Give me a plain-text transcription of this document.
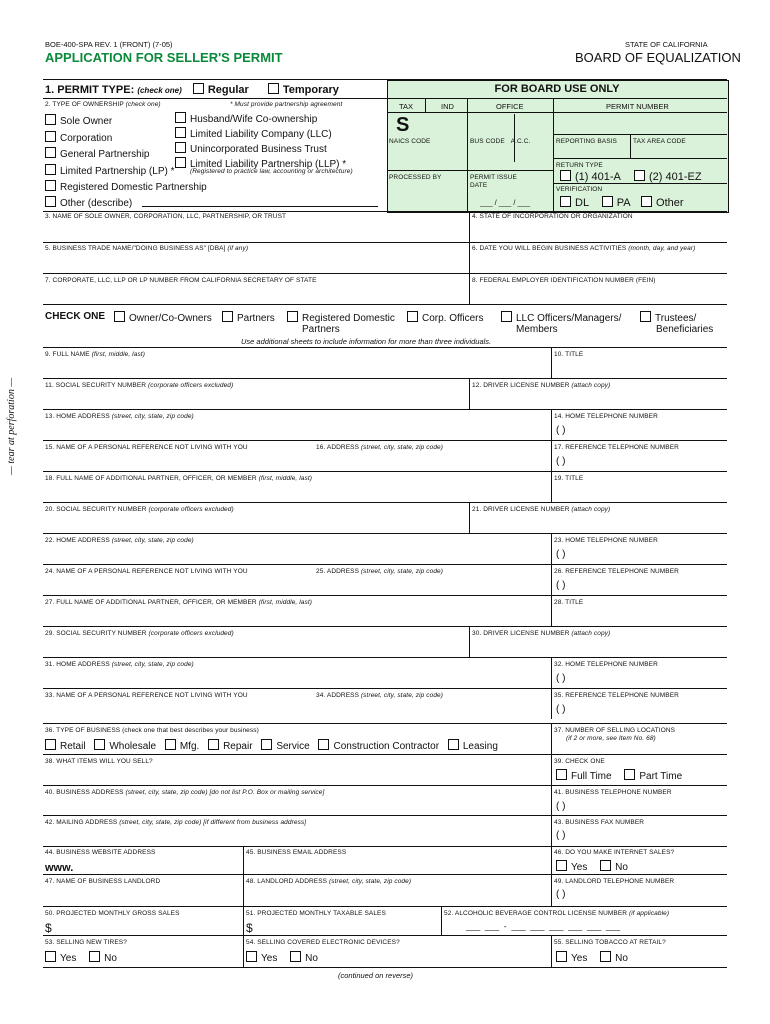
BOE-400-SPA REV. 1 (FRONT) (7-05)
APPLICATION FOR SELLER'S PERMIT
STATE OF CALIFORNIA
BOARD OF EQUALIZATION
1. PERMIT TYPE: (check one) Regular	Temporary
2. TYPE OF OWNERSHIP (check one)	* Must provide partnership agreement
Sole Owner
Corporation
General Partnership
Limited Partnership (LP) *
Registered Domestic Partnership
Husband/Wife Co-ownership
Limited Liability Company (LLC)
Unincorporated Business Trust
Limited Liability Partnership (LLP) *
(Registered to practice law, accounting or architecture)
Other (describe)
FOR BOARD USE ONLY
TAX	IND	OFFICE	PERMIT NUMBER
S
NAICS CODE	BUS CODE A.C.C.	REPORTING BASIS TAX AREA CODE
RETURN TYPE
(1) 401-A	(2) 401-EZ
PROCESSED BY	PERMIT ISSUE
DATE
___ / ___ / ___
VERIFICATION
DL	PA Other
3. NAME OF SOLE OWNER, CORPORATION, LLC, PARTNERSHIP, OR TRUST	4. STATE OF INCORPORATION OR ORGANIZATION
5. BUSINESS TRADE NAME/"DOING BUSINESS AS" [DBA] (if any)	6. DATE YOU WILL BEGIN BUSINESS ACTIVITIES (month, day, and year)
7. CORPORATE, LLC, LLP OR LP NUMBER FROM CALIFORNIA SECRETARY OF STATE	8. FEDERAL EMPLOYER IDENTIFICATION NUMBER (FEIN)
CHECK ONE	Owner/Co-Owners	Partners	Registered Domestic
Partners
Corp. Officers	LLC Officers/Managers/
Members
Trustees/
Beneficiaries
Use additional sheets to include information for more than three individuals.
— tear at perforation —
9. FULL NAME (first, middle, last)	10. TITLE
11. SOCIAL SECURITY NUMBER (corporate officers excluded)	12. DRIVER LICENSE NUMBER (attach copy)
13. HOME ADDRESS (street, city, state, zip code)	14. HOME TELEPHONE NUMBER
( )
15. NAME OF A PERSONAL REFERENCE NOT LIVING WITH YOU	16. ADDRESS (street, city, state, zip code)	17. REFERENCE TELEPHONE NUMBER
( )
18. FULL NAME OF ADDITIONAL PARTNER, OFFICER, OR MEMBER (first, middle, last)	19. TITLE
20. SOCIAL SECURITY NUMBER (corporate officers excluded)	21. DRIVER LICENSE NUMBER (attach copy)
22. HOME ADDRESS (street, city, state, zip code)	23. HOME TELEPHONE NUMBER
( )
24. NAME OF A PERSONAL REFERENCE NOT LIVING WITH YOU	25. ADDRESS (street, city, state, zip code)	26. REFERENCE TELEPHONE NUMBER
( )
27. FULL NAME OF ADDITIONAL PARTNER, OFFICER, OR MEMBER (first, middle, last)	28. TITLE
29. SOCIAL SECURITY NUMBER (corporate officers excluded)	30. DRIVER LICENSE NUMBER (attach copy)
31. HOME ADDRESS (street, city, state, zip code)	32. HOME TELEPHONE NUMBER
( )
33. NAME OF A PERSONAL REFERENCE NOT LIVING WITH YOU	34. ADDRESS (street, city, state, zip code)	35. REFERENCE TELEPHONE NUMBER
( )
36. TYPE OF BUSINESS (check one that best describes your business)
Retail Wholesale Mfg. Repair Service Construction Contractor Leasing
37. NUMBER OF SELLING LOCATIONS
(if 2 or more, see Item No. 68)
38. WHAT ITEMS WILL YOU SELL?	39. CHECK ONE
Full Time	Part Time
40. BUSINESS ADDRESS (street, city, state, zip code) [do not list P.O. Box or mailing service]	41. BUSINESS TELEPHONE NUMBER
( )
42. MAILING ADDRESS (street, city, state, zip code) [if different from business address]	43. BUSINESS FAX NUMBER
( )
44. BUSINESS WEBSITE ADDRESS
www.
45. BUSINESS EMAIL ADDRESS	46. DO YOU MAKE INTERNET SALES?
Yes	No
47. NAME OF BUSINESS LANDLORD	48. LANDLORD ADDRESS (street, city, state, zip code)	49. LANDLORD TELEPHONE NUMBER
( )
50. PROJECTED MONTHLY GROSS SALES
$
51. PROJECTED MONTHLY TAXABLE SALES
$
52. ALCOHOLIC BEVERAGE CONTROL LICENSE NUMBER (if applicable)
___  ___  -  ___  ___  ___  ___  ___  ___
53. SELLING NEW TIRES?
Yes	No
54. SELLING COVERED ELECTRONIC DEVICES?
Yes	No
55. SELLING TOBACCO AT RETAIL?
Yes	No
(continued on reverse)
